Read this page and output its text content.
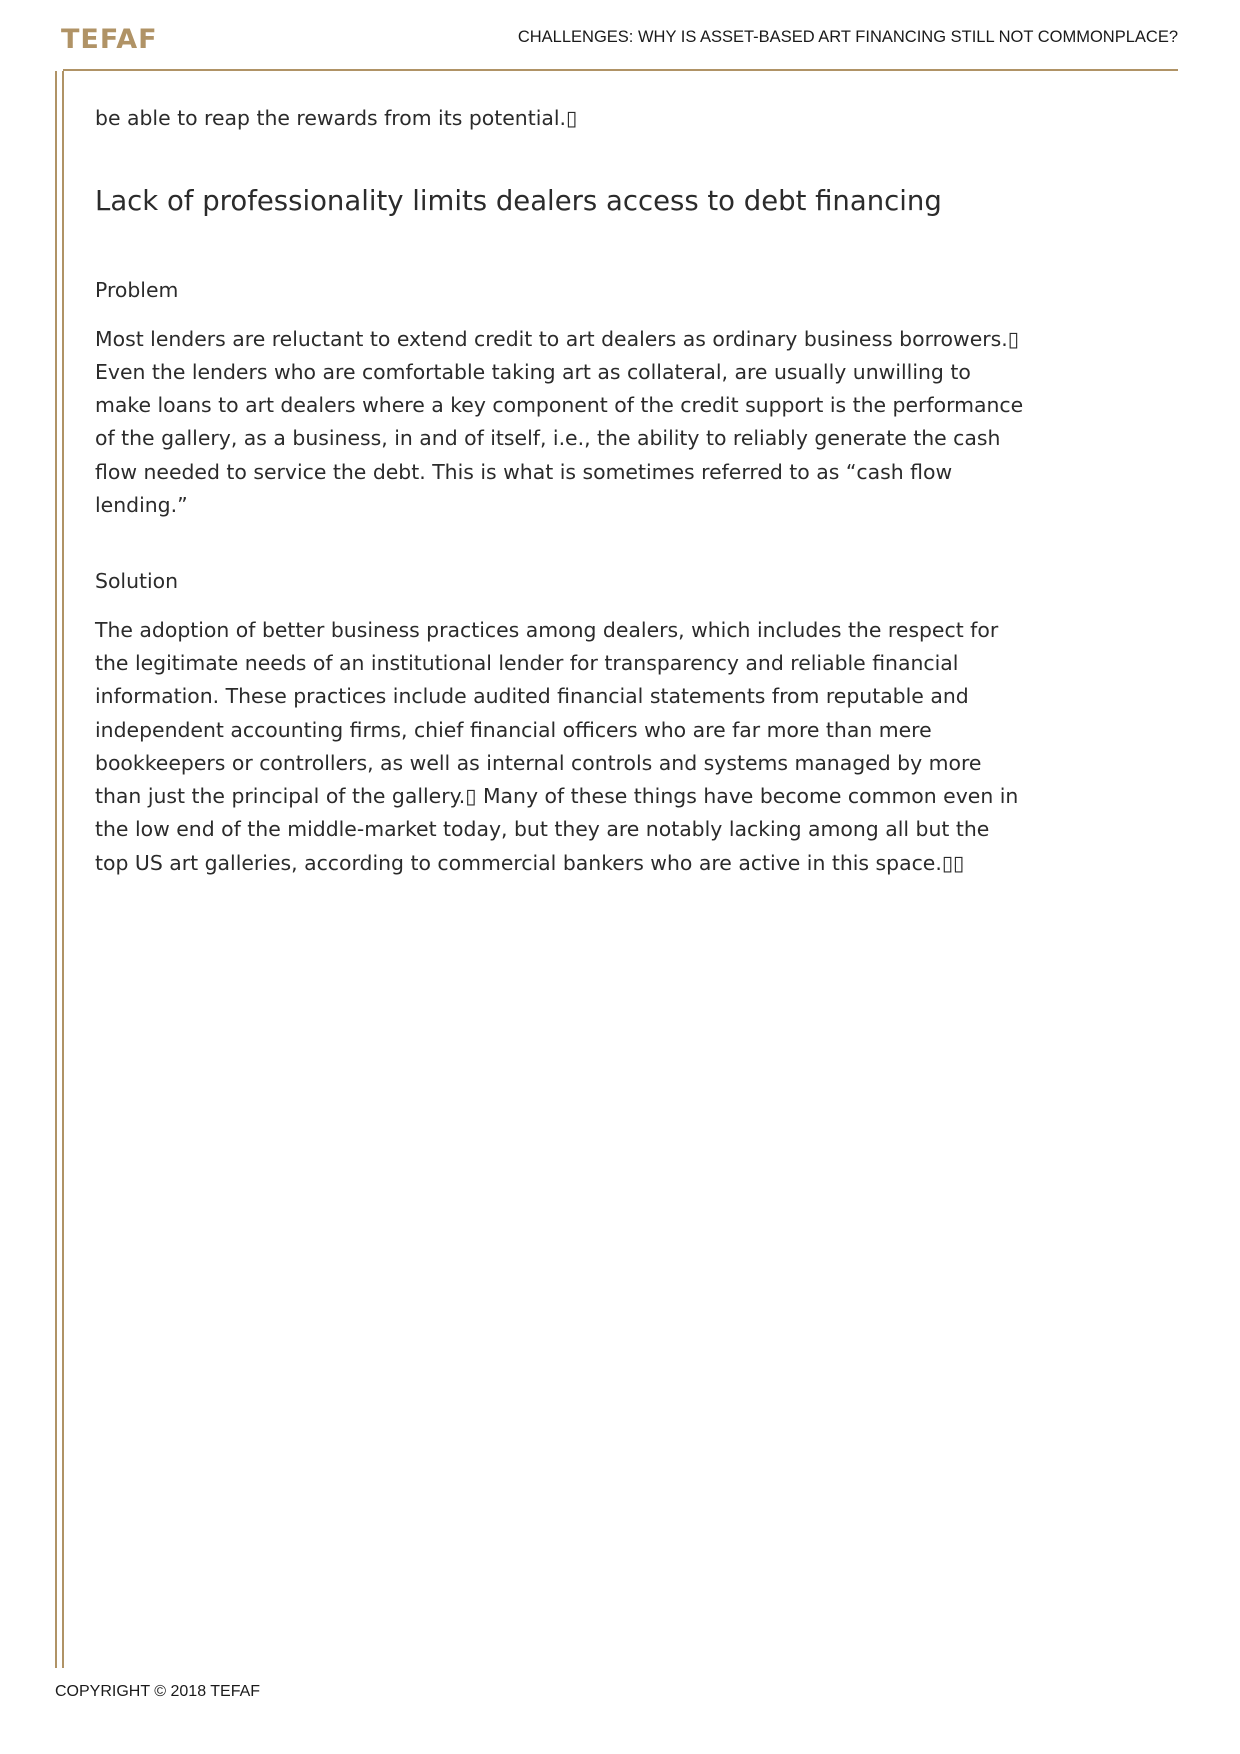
TEFAF	CHALLENGES: WHY IS ASSET-BASED ART FINANCING STILL NOT COMMONPLACE?

be able to reap the rewards from its potential.▯

Lack of professionality limits dealers access to debt financing

Problem

Most lenders are reluctant to extend credit to art dealers as ordinary business borrowers.▯ Even the lenders who are comfortable taking art as collateral, are usually unwilling to make loans to art dealers where a key component of the credit support is the performance of the gallery, as a business, in and of itself, i.e., the ability to reliably generate the cash flow needed to service the debt. This is what is sometimes referred to as “cash flow lending.”

Solution

The adoption of better business practices among dealers, which includes the respect for the legitimate needs of an institutional lender for transparency and reliable financial information. These practices include audited financial statements from reputable and independent accounting firms, chief financial officers who are far more than mere bookkeepers or controllers, as well as internal controls and systems managed by more than just the principal of the gallery.▯ Many of these things have become common even in the low end of the middle-market today, but they are notably lacking among all but the top US art galleries, according to commercial bankers who are active in this space.▯▯

COPYRIGHT © 2018 TEFAF
